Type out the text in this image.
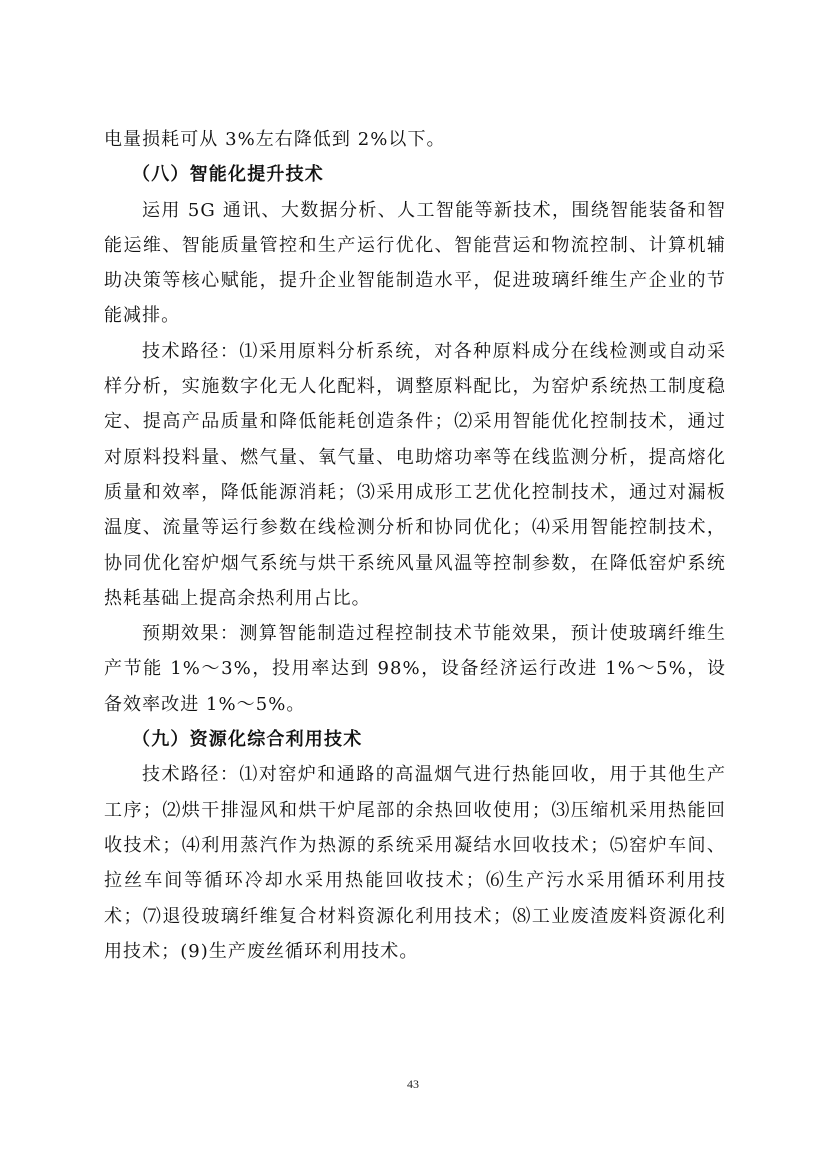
电量损耗可从 3%左右降低到 2%以下。

（八）智能化提升技术

运用 5G 通讯、大数据分析、人工智能等新技术，围绕智能装备和智能运维、智能质量管控和生产运行优化、智能营运和物流控制、计算机辅助决策等核心赋能，提升企业智能制造水平，促进玻璃纤维生产企业的节能减排。

技术路径：⑴采用原料分析系统，对各种原料成分在线检测或自动采样分析，实施数字化无人化配料，调整原料配比，为窑炉系统热工制度稳定、提高产品质量和降低能耗创造条件；⑵采用智能优化控制技术，通过对原料投料量、燃气量、氧气量、电助熔功率等在线监测分析，提高熔化质量和效率，降低能源消耗；⑶采用成形工艺优化控制技术，通过对漏板温度、流量等运行参数在线检测分析和协同优化；⑷采用智能控制技术，协同优化窑炉烟气系统与烘干系统风量风温等控制参数，在降低窑炉系统热耗基础上提高余热利用占比。

预期效果：测算智能制造过程控制技术节能效果，预计使玻璃纤维生产节能 1%～3%，投用率达到 98%，设备经济运行改进 1%～5%，设备效率改进 1%～5%。

（九）资源化综合利用技术

技术路径：⑴对窑炉和通路的高温烟气进行热能回收，用于其他生产工序；⑵烘干排湿风和烘干炉尾部的余热回收使用；⑶压缩机采用热能回收技术；⑷利用蒸汽作为热源的系统采用凝结水回收技术；⑸窑炉车间、拉丝车间等循环冷却水采用热能回收技术；⑹生产污水采用循环利用技术；⑺退役玻璃纤维复合材料资源化利用技术；⑻工业废渣废料资源化利用技术；(9)生产废丝循环利用技术。

43
